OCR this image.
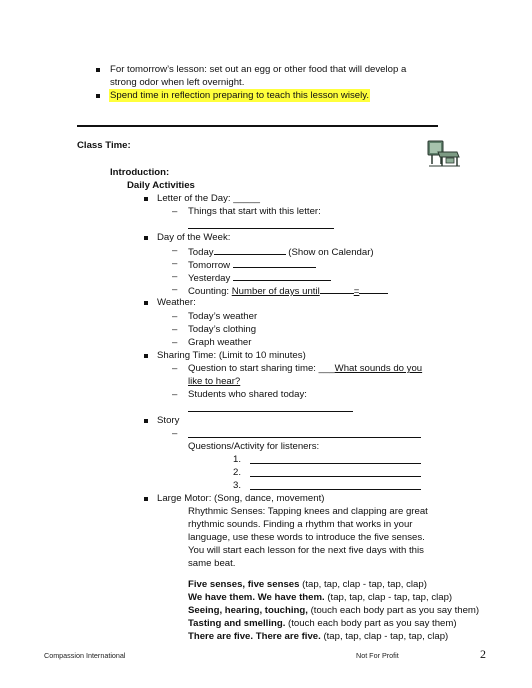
For tomorrow’s lesson: set out an egg or other food that will develop a
strong odor when left overnight.
Spend time in reflection preparing to teach this lesson wisely.
Class Time:
Introduction:
Daily Activities
Letter of the Day: _____
– Things that start with this letter:
Day of the Week:
– Today	(Show on Calendar)
– Tomorrow
– Yesterday
– Counting: Number of days until	=
Weather:
– Today’s weather
– Today’s clothing
– Graph weather
Sharing Time: (Limit to 10 minutes)
– Question to start sharing time: ___What sounds do you
like to hear?
– Students who shared today:
Story
–
Questions/Activity for listeners:
1.
2.
3.
Large Motor: (Song, dance, movement)
Rhythmic Senses: Tapping knees and clapping are great
rhythmic sounds. Finding a rhythm that works in your
language, use these words to introduce the five senses.
You will start each lesson for the next five days with this
same beat.
Five senses, five senses (tap, tap, clap - tap, tap, clap)
We have them. We have them. (tap, tap, clap - tap, tap, clap)
Seeing, hearing, touching, (touch each body part as you say them)
Tasting and smelling. (touch each body part as you say them)
There are five. There are five. (tap, tap, clap - tap, tap, clap)
Compassion International	Not For Profit	2
